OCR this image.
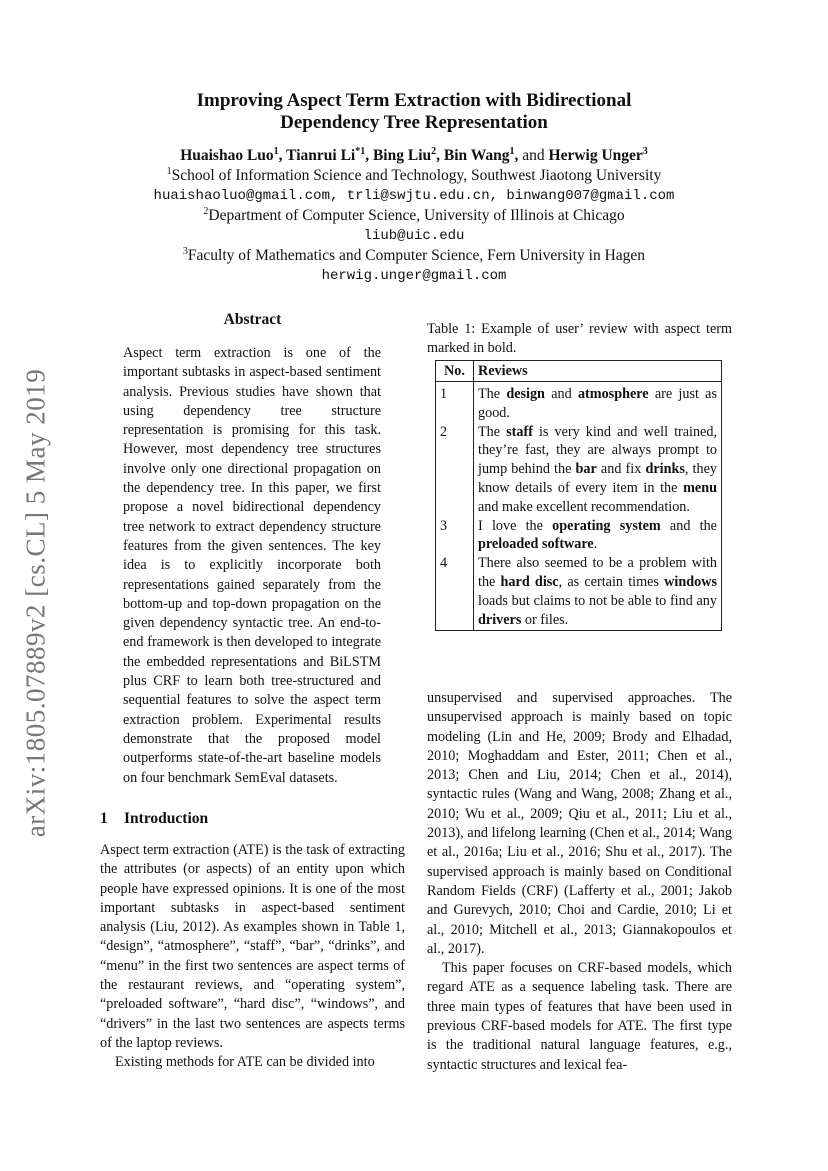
arXiv:1805.07889v2 [cs.CL] 5 May 2019
Improving Aspect Term Extraction with Bidirectional
Dependency Tree Representation
Huaishao Luo$^1$, Tianrui Li$^{*1}$, Bing Liu$^2$, Bin Wang$^1$, and Herwig Unger$^3$
$^1$School of Information Science and Technology, Southwest Jiaotong University
huaishaoluo@gmail.com, trli@swjtu.edu.cn, binwang007@gmail.com
$^2$Department of Computer Science, University of Illinois at Chicago
liub@uic.edu
$^3$Faculty of Mathematics and Computer Science, Fern University in Hagen
herwig.unger@gmail.com
Abstract

Aspect term extraction is one of the important subtasks in aspect-based sentiment analysis. Previous studies have shown that using dependency tree structure representation is promising for this task. However, most dependency tree structures involve only one directional propagation on the dependency tree. In this paper, we first propose a novel bidirectional dependency tree network to extract dependency structure features from the given sentences. The key idea is to explicitly incorporate both representations gained separately from the bottom-up and top-down propagation on the given dependency syntactic tree. An end-to-end framework is then developed to integrate the embedded representations and BiLSTM plus CRF to learn both tree-structured and sequential features to solve the aspect term extraction problem. Experimental results demonstrate that the proposed model outperforms state-of-the-art baseline models on four benchmark SemEval datasets.

1 Introduction

Aspect term extraction (ATE) is the task of extracting the attributes (or aspects) of an entity upon which people have expressed opinions. It is one of the most important subtasks in aspect-based sentiment analysis (Liu, 2012). As examples shown in Table 1, “design”, “atmosphere”, “staff”, “bar”, “drinks”, and “menu” in the first two sentences are aspect terms of the restaurant reviews, and “operating system”, “preloaded software”, “hard disc”, “windows”, and “drivers” in the last two sentences are aspects terms of the laptop reviews.

Existing methods for ATE can be divided into

Table 1: Example of user’ review with aspect term marked in bold.

No.	Reviews
1	The design and atmosphere are just as good.
2	The staff is very kind and well trained, they’re fast, they are always prompt to jump behind the bar and fix drinks, they know details of every item in the menu and make excellent recommendation.
3	I love the operating system and the preloaded software.
4	There also seemed to be a problem with the hard disc, as certain times windows loads but claims to not be able to find any drivers or files.

unsupervised and supervised approaches. The unsupervised approach is mainly based on topic modeling (Lin and He, 2009; Brody and Elhadad, 2010; Moghaddam and Ester, 2011; Chen et al., 2013; Chen and Liu, 2014; Chen et al., 2014), syntactic rules (Wang and Wang, 2008; Zhang et al., 2010; Wu et al., 2009; Qiu et al., 2011; Liu et al., 2013), and lifelong learning (Chen et al., 2014; Wang et al., 2016a; Liu et al., 2016; Shu et al., 2017). The supervised approach is mainly based on Conditional Random Fields (CRF) (Lafferty et al., 2001; Jakob and Gurevych, 2010; Choi and Cardie, 2010; Li et al., 2010; Mitchell et al., 2013; Giannakopoulos et al., 2017).

This paper focuses on CRF-based models, which regard ATE as a sequence labeling task. There are three main types of features that have been used in previous CRF-based models for ATE. The first type is the traditional natural language features, e.g., syntactic structures and lexical fea-
